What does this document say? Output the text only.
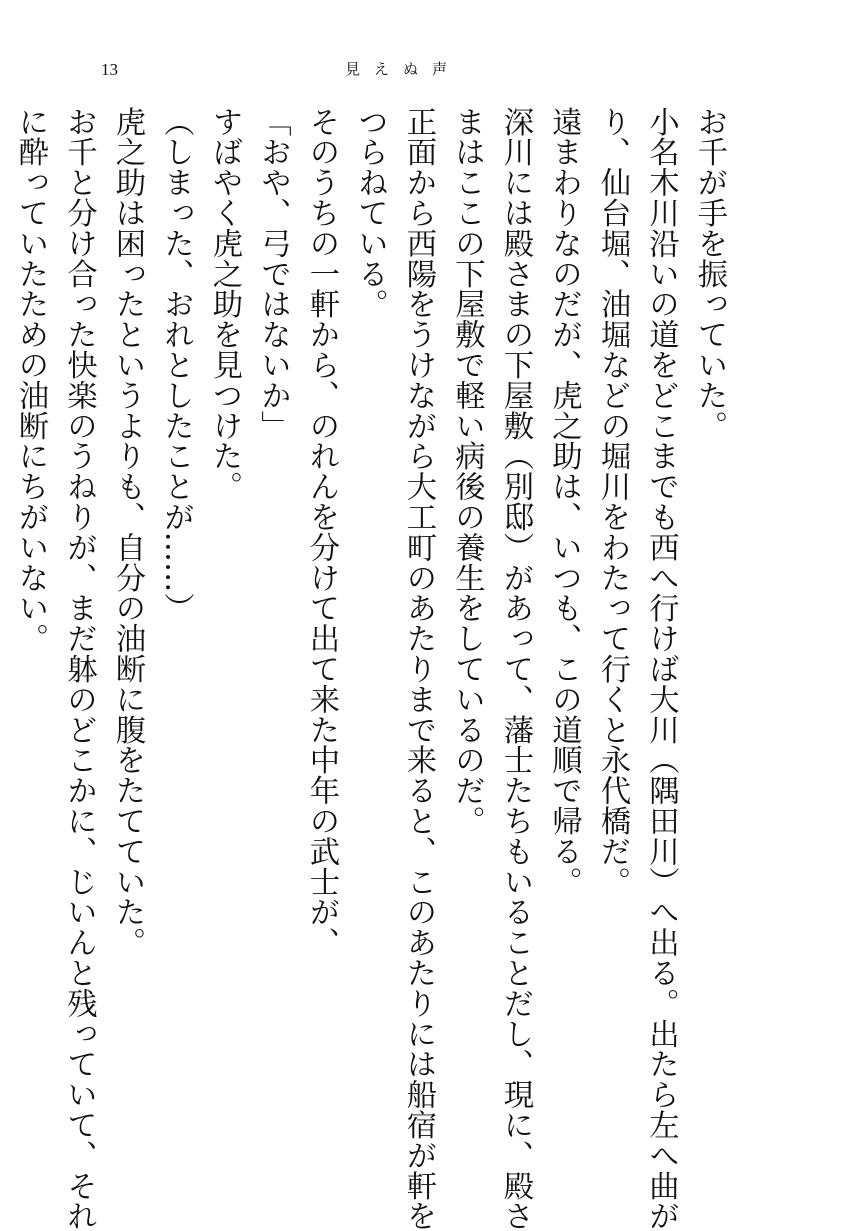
13	見えぬ声
お千が手を振っていた。
小名木川沿いの道をどこまでも西へ行けば大川（隅田川）へ出る。出たら左へ曲が
り、仙台堀、油堀などの堀川をわたって行くと永代橋だ。
遠まわりなのだが、虎之助は、いつも、この道順で帰る。
深川には殿さまの下屋敷（別邸）があって、藩士たちもいることだし、現に、殿さ
まはここの下屋敷で軽い病後の養生をしているのだ。
正面から西陽をうけながら大工町のあたりまで来ると、このあたりには船宿が軒を
つらねている。
そのうちの一軒から、のれんを分けて出て来た中年の武士が、
「おや、弓ではないか」
すばやく虎之助を見つけた。
（しまった、おれとしたことが……）
虎之助は困ったというよりも、自分の油断に腹をたてていた。
お千と分け合った快楽のうねりが、まだ躰のどこかに、じいんと残っていて、それ
に酔っていたための油断にちがいない。
